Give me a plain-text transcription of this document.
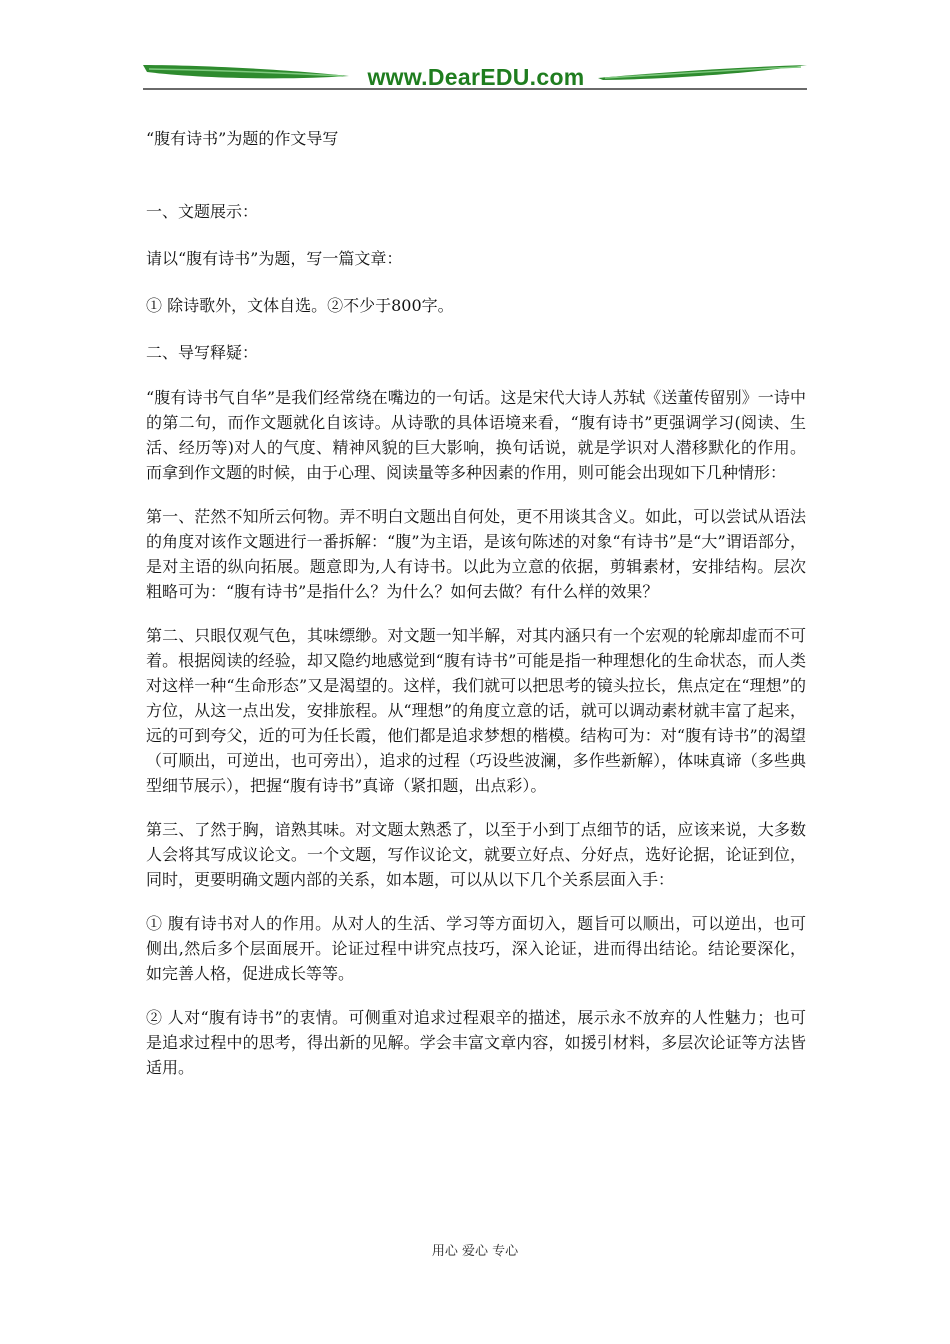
www.DearEDU.com
“腹有诗书”为题的作文导写

一、文题展示：

请以“腹有诗书”为题，写一篇文章：

① 除诗歌外，文体自选。②不少于800字。

二、导写释疑：

“腹有诗书气自华”是我们经常绕在嘴边的一句话。这是宋代大诗人苏轼《送董传留别》一诗中的第二句，而作文题就化自该诗。从诗歌的具体语境来看，“腹有诗书”更强调学习(阅读、生活、经历等)对人的气度、精神风貌的巨大影响，换句话说，就是学识对人潜移默化的作用。而拿到作文题的时候，由于心理、阅读量等多种因素的作用，则可能会出现如下几种情形：

第一、茫然不知所云何物。弄不明白文题出自何处，更不用谈其含义。如此，可以尝试从语法的角度对该作文题进行一番拆解：“腹”为主语，是该句陈述的对象“有诗书”是“大”谓语部分，是对主语的纵向拓展。题意即为,人有诗书。以此为立意的依据，剪辑素材，安排结构。层次粗略可为：“腹有诗书”是指什么？为什么？如何去做？有什么样的效果？

第二、只眼仅观气色，其味缥缈。对文题一知半解，对其内涵只有一个宏观的轮廓却虚而不可着。根据阅读的经验，却又隐约地感觉到“腹有诗书”可能是指一种理想化的生命状态，而人类对这样一种“生命形态”又是渴望的。这样，我们就可以把思考的镜头拉长，焦点定在“理想”的方位，从这一点出发，安排旅程。从“理想”的角度立意的话，就可以调动素材就丰富了起来，远的可到夸父，近的可为任长霞，他们都是追求梦想的楷模。结构可为：对“腹有诗书”的渴望（可顺出，可逆出，也可旁出），追求的过程（巧设些波澜，多作些新解），体味真谛（多些典型细节展示），把握“腹有诗书”真谛（紧扣题，出点彩）。

第三、了然于胸，谙熟其味。对文题太熟悉了，以至于小到丁点细节的话，应该来说，大多数人会将其写成议论文。一个文题，写作议论文，就要立好点、分好点，选好论据，论证到位，同时，更要明确文题内部的关系，如本题，可以从以下几个关系层面入手：

① 腹有诗书对人的作用。从对人的生活、学习等方面切入，题旨可以顺出，可以逆出，也可侧出,然后多个层面展开。论证过程中讲究点技巧，深入论证，进而得出结论。结论要深化，如完善人格，促进成长等等。

② 人对“腹有诗书”的衷情。可侧重对追求过程艰辛的描述，展示永不放弃的人性魅力；也可是追求过程中的思考，得出新的见解。学会丰富文章内容，如援引材料，多层次论证等方法皆适用。

用心 爱心 专心
